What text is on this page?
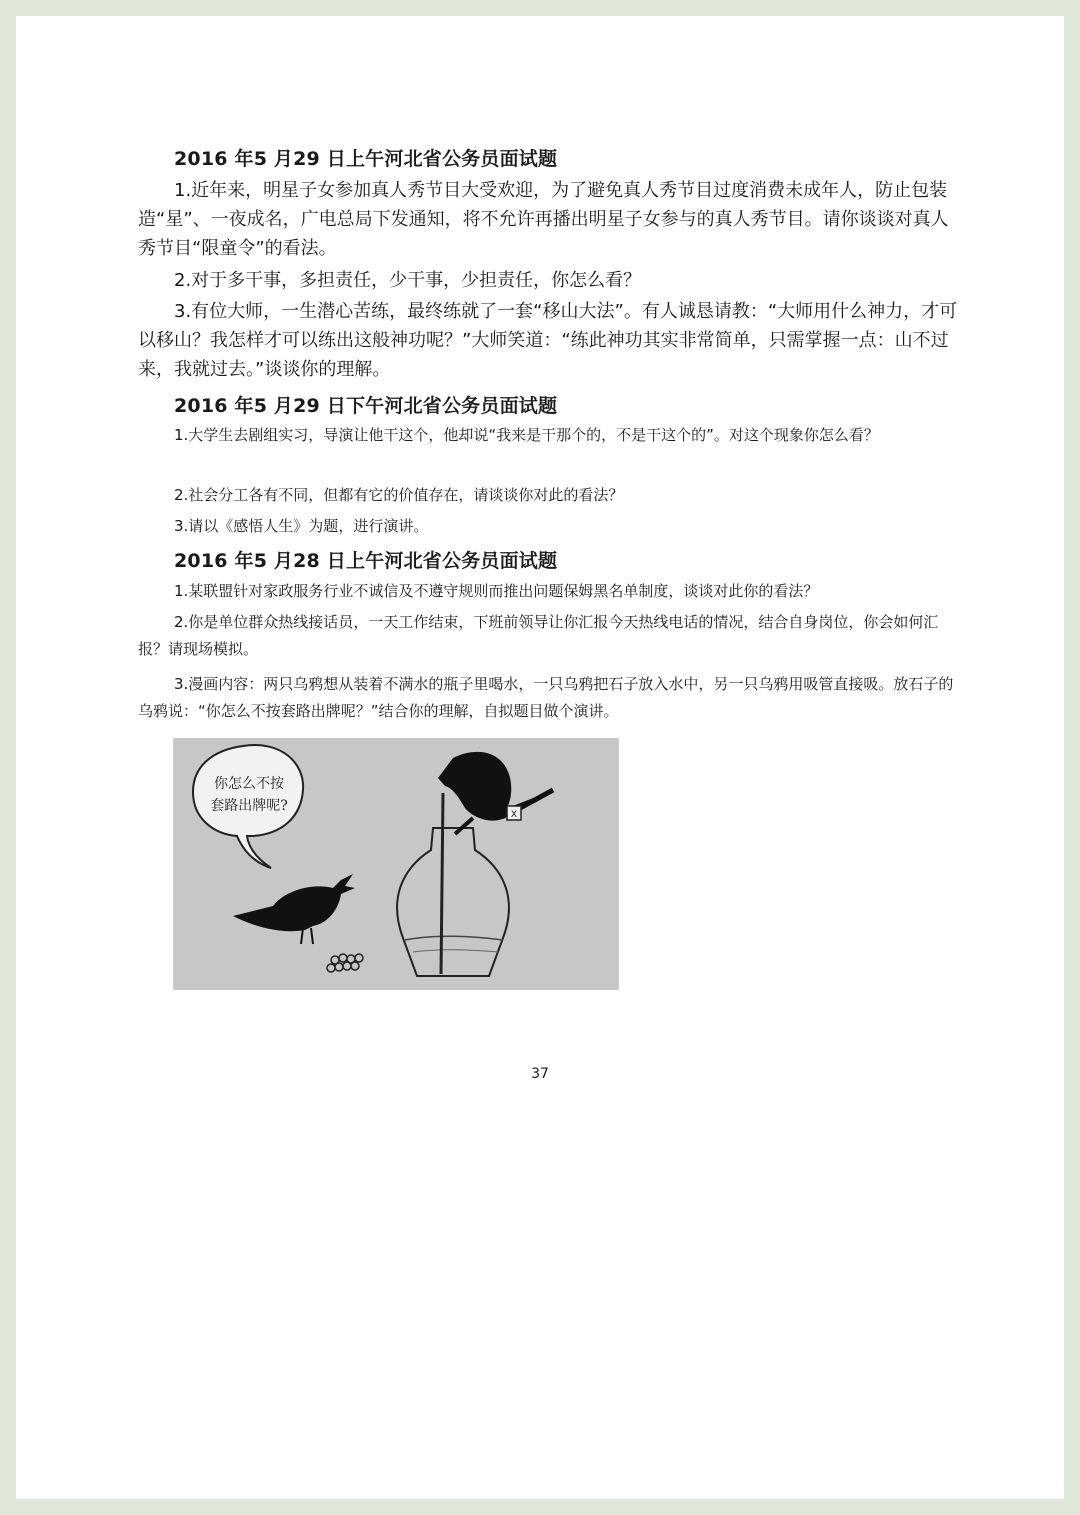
2016 年5 月29 日上午河北省公务员面试题

1.近年来，明星子女参加真人秀节目大受欢迎，为了避免真人秀节目过度消费未成年人，防止包装造“星”、一夜成名，广电总局下发通知，将不允许再播出明星子女参与的真人秀节目。请你谈谈对真人秀节目“限童令”的看法。

2.对于多干事，多担责任，少干事，少担责任，你怎么看？

3.有位大师，一生潜心苦练，最终练就了一套“移山大法”。有人诚恳请教：“大师用什么神力，才可以移山？我怎样才可以练出这般神功呢？”大师笑道：“练此神功其实非常简单，只需掌握一点：山不过来，我就过去。”谈谈你的理解。

2016 年5 月29 日下午河北省公务员面试题

1.大学生去剧组实习，导演让他干这个，他却说“我来是干那个的，不是干这个的”。对这个现象你怎么看？

2.社会分工各有不同，但都有它的价值存在，请谈谈你对此的看法？

3.请以《感悟人生》为题，进行演讲。

2016 年5 月28 日上午河北省公务员面试题

1.某联盟针对家政服务行业不诚信及不遵守规则而推出问题保姆黑名单制度，谈谈对此你的看法？

2.你是单位群众热线接话员，一天工作结束，下班前领导让你汇报今天热线电话的情况，结合自身岗位，你会如何汇报？请现场模拟。

3.漫画内容：两只乌鸦想从装着不满水的瓶子里喝水，一只乌鸦把石子放入水中，另一只乌鸦用吸管直接吸。放石子的乌鸦说：“你怎么不按套路出牌呢？”结合你的理解，自拟题目做个演讲。

你怎么不按
套路出牌呢?
X
37
